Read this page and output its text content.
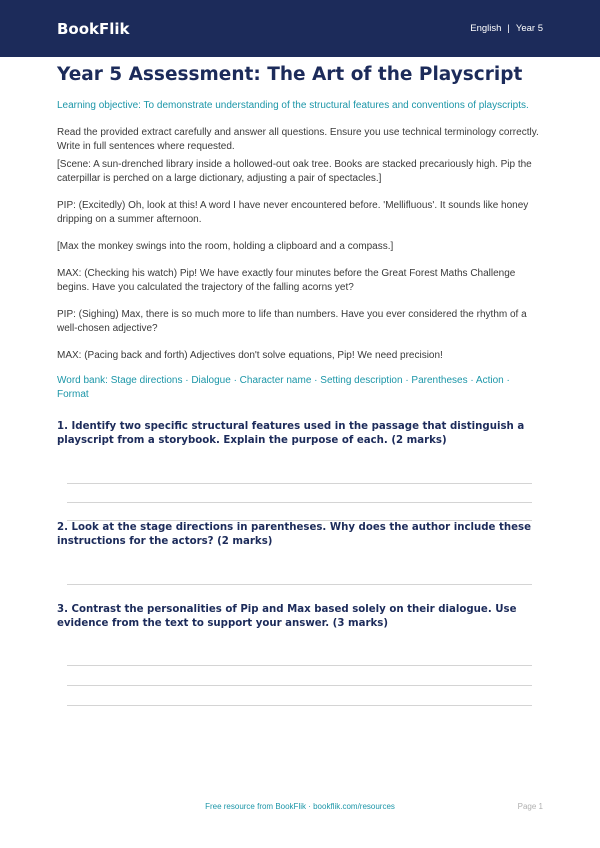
BookFlik	English | Year 5
Year 5 Assessment: The Art of the Playscript
Learning objective: To demonstrate understanding of the structural features and conventions of playscripts.

Read the provided extract carefully and answer all questions. Ensure you use technical terminology correctly. Write in full sentences where requested.

[Scene: A sun-drenched library inside a hollowed-out oak tree. Books are stacked precariously high. Pip the caterpillar is perched on a large dictionary, adjusting a pair of spectacles.]

PIP: (Excitedly) Oh, look at this! A word I have never encountered before. 'Mellifluous'. It sounds like honey dripping on a summer afternoon.

[Max the monkey swings into the room, holding a clipboard and a compass.]

MAX: (Checking his watch) Pip! We have exactly four minutes before the Great Forest Maths Challenge begins. Have you calculated the trajectory of the falling acorns yet?

PIP: (Sighing) Max, there is so much more to life than numbers. Have you ever considered the rhythm of a well-chosen adjective?

MAX: (Pacing back and forth) Adjectives don't solve equations, Pip! We need precision!

Word bank: Stage directions · Dialogue · Character name · Setting description · Parentheses · Action · Format

1. Identify two specific structural features used in the passage that distinguish a playscript from a storybook. Explain the purpose of each. (2 marks)

2. Look at the stage directions in parentheses. Why does the author include these instructions for the actors? (2 marks)

3. Contrast the personalities of Pip and Max based solely on their dialogue. Use evidence from the text to support your answer. (3 marks)

Free resource from BookFlik · bookflik.com/resources	Page 1
